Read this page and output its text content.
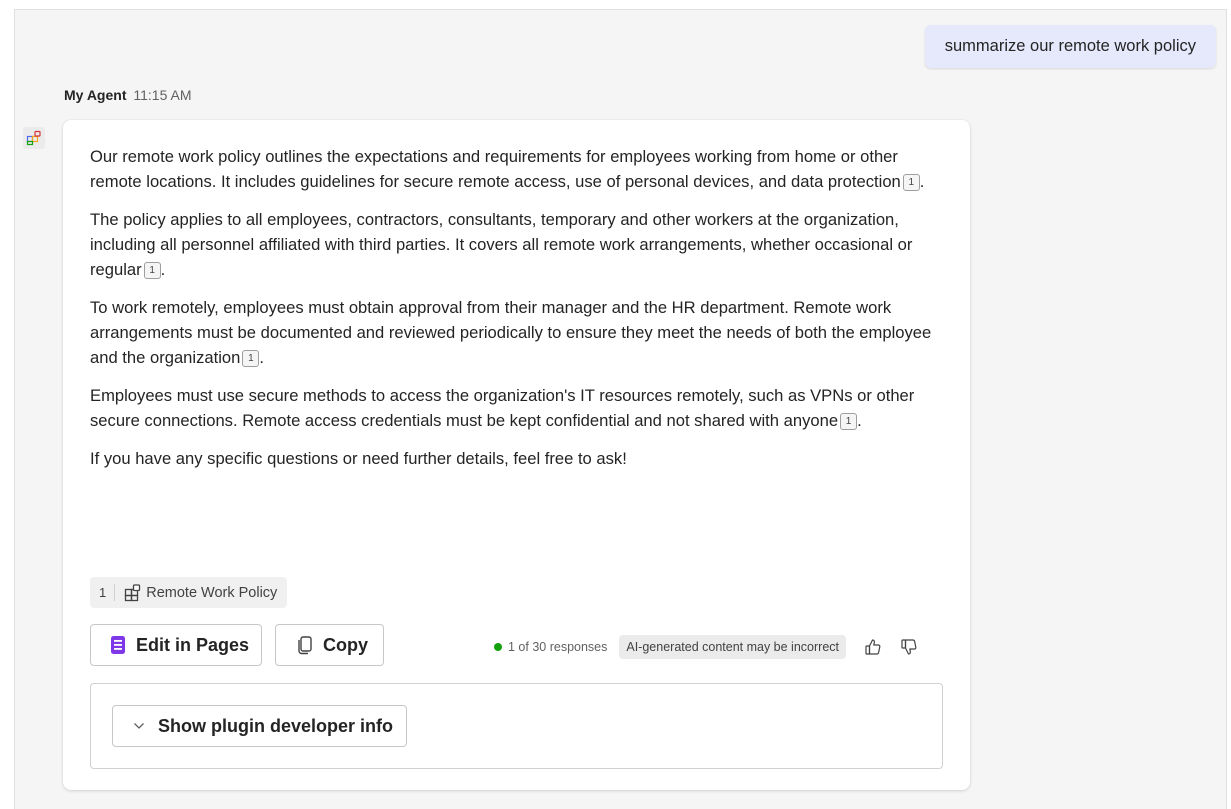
summarize our remote work policy
My Agent 11:15 AM

Our remote work policy outlines the expectations and requirements for employees working from home or other remote locations. It includes guidelines for secure remote access, use of personal devices, and data protection 1 .

The policy applies to all employees, contractors, consultants, temporary and other workers at the organization, including all personnel affiliated with third parties. It covers all remote work arrangements, whether occasional or regular 1 .

To work remotely, employees must obtain approval from their manager and the HR department. Remote work arrangements must be documented and reviewed periodically to ensure they meet the needs of both the employee and the organization 1 .

Employees must use secure methods to access the organization's IT resources remotely, such as VPNs or other secure connections. Remote access credentials must be kept confidential and not shared with anyone 1 .

If you have any specific questions or need further details, feel free to ask!

1	Remote Work Policy
Edit in Pages	Copy	1 of 30 responses	AI-generated content may be incorrect
Show plugin developer info
